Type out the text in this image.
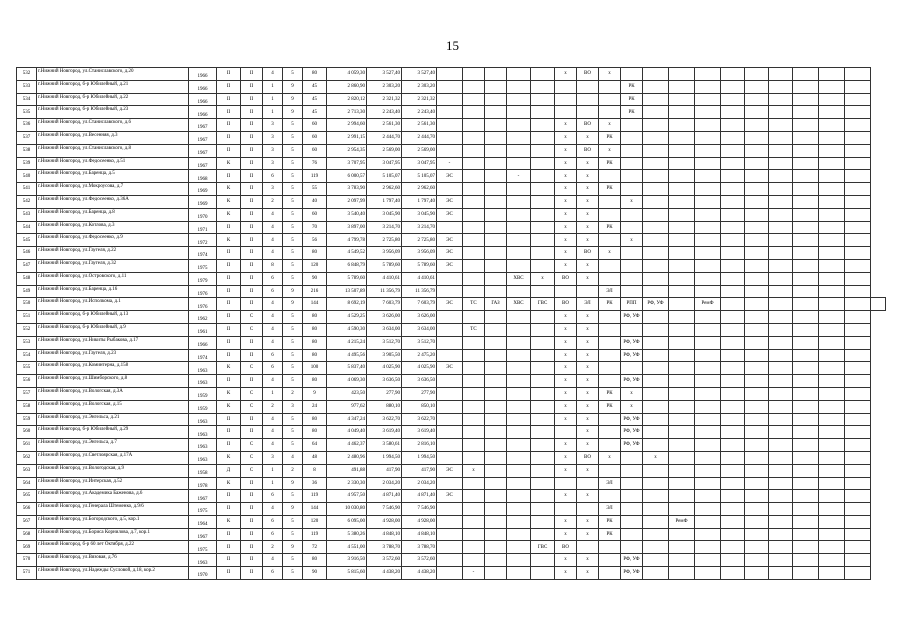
15
532	г.Нижний Новгород, ул.Станиславского, д.20	1966	II	II	4	5	80	4 059,30	3 527,40	3 527,40						х	ВО	х											
533	г.Нижний Новгород, б-р Юбилейный, д.21	1966	II	II	1	9	45	2 860,90	2 303,20	2 303,20									РК										
534	г.Нижний Новгород, б-р Юбилейный, д.22	1966	II	II	1	9	45	2 820,12	2 321,32	2 321,32									РК										
535	г.Нижний Новгород, б-р Юбилейный, д.23	1966	II	II	1	9	45	2 713,30	2 243,40	2 243,40									РК										
536	г.Нижний Новгород, ул.Станиславского, д.6	1967	II	II	3	5	60	2 994,60	2 561,30	2 561,30						х	ВО	х											
537	г.Нижний Новгород, ул.Весенняя, д.3	1967	II	II	3	5	60	2 991,15	2 444,70	2 444,70						х	х	РК											
538	г.Нижний Новгород, ул.Станиславского, д.8	1967	II	II	3	5	60	2 954,35	2 569,00	2 569,00						х	ВО	х											
539	г.Нижний Новгород, ул.Федосеенко, д.51	1967	К	II	3	5	76	3 707,95	3 047,95	3 047,95	-					х	х	РК											
540	г.Нижний Новгород, ул.Баренца, д.5	1968	II	II	6	5	119	6 000,57	5 105,07	5 105,07	ЭС			-		х	х												
541	г.Нижний Новгород, ул.Мокроусова, д.7	1969	К	II	3	5	55	3 783,90	2 962,60	2 962,60						х	х	РК											
542	г.Нижний Новгород, ул.Федосеенко, д.36А	1969	К	II	2	5	40	2 097,99	1 797,40	1 797,40	ЭС					х	х		х										
543	г.Нижний Новгород, ул.Баренца, д.8	1970	К	II	4	5	60	3 540,40	3 045,90	3 045,90	ЭС					х	х												
544	г.Нижний Новгород, ул.Котлова, д.3	1971	II	II	4	5	70	3 897,00	3 214,70	3 214,70						х	х	РК											
545	г.Нижний Новгород, ул.Федосеенко, д.9	1972	К	II	4	5	56	4 799,78	2 725,80	2 725,80	ЭС					х	х		х										
546	г.Нижний Новгород, ул.Гаугеля, д.22	1974	II	II	4	5	80	4 549,52	3 956,09	3 956,09	ЭС					х	ВО	х											
547	г.Нижний Новгород, ул.Гаугеля, д.32	1975	II	II	8	5	120	6 848,79	5 789,60	5 789,60	ЭС					х	х												
548	г.Нижний Новгород, ул.Островского, д.11	1979	II	II	6	5	90	5 789,60	4 410,61	4 410,61				ХВС	х	ВО	х												
549	г.Нижний Новгород, ул.Баренца, д.16	1976	II	II	6	9	216	13 507,89	11 356,79	11 356,79								ЭЛ											
550	г.Нижний Новгород, ул.Исполкома, д.1	1976	II	II	4	9	144	8 692,19	7 603,79	7 603,79	ЭС	ТС	ГАЗ	ХВС	ГВС	ВО	ЭЛ	РК	РПП	РФ, УФ		РемФ							
551	г.Нижний Новгород, б-р Юбилейный, д.13	1962	II	С	4	5	80	4 529,25	3 626,00	3 626,00						х	х		РФ, УФ										
552	г.Нижний Новгород, б-р Юбилейный, д.9	1961	II	С	4	5	80	4 590,30	3 634,00	3 634,00		ТС				х	х												
553	г.Нижний Новгород, ул.Никиты Рыбакова, д.17	1966	II	II	4	5	80	4 215,24	3 512,70	3 512,70						х	х		РФ, УФ										
554	г.Нижний Новгород, ул.Гаугеля, д.23	1974	II	II	6	5	80	4 495,56	3 905,50	2 475,20						х	х		РФ, УФ										
555	г.Нижний Новгород, ул.Коминтерна, д.158	1963	К	С	6	5	100	5 837,40	4 025,90	4 025,90	ЭС					х	х												
556	г.Нижний Новгород, ул.Шимборского, д.8	1963	II	II	4	5	80	4 069,30	3 636,50	3 636,50						х	х		РФ, УФ										
557	г.Нижний Новгород, ул.Вологская, д.3А	1959	К	С	1	2	9	423,50	277,90	277,90						х	х	РК	х										
558	г.Нижний Новгород, ул.Вологская, д.15	1959	К	С	2	3	24	977,62	880,10	850,10						х	х	РК	х										
559	г.Нижний Новгород, ул.Энгельса, д.21	1963	II	II	4	5	80	4 347,24	3 622,70	3 622,70						х	х		РФ, УФ										
560	г.Нижний Новгород, б-р Юбилейный, д.29	1963	II	II	4	5	80	4 049,40	3 619,40	3 619,40							х		РФ, УФ										
561	г.Нижний Новгород, ул.Энгельса, д.7	1963	II	С	4	5	64	4 462,37	3 580,61	2 816,10						х	х		РФ, УФ										
562	г.Нижний Новгород, ул.Светлоярская, д.17А	1963	К	С	3	4	48	2 480,96	1 994,50	1 994,50						х	ВО	х		х									
563	г.Нижний Новгород, ул.Вологодская, д.9	1958	Д	С	1	2	8	491,88	417,90	417,90	ЭС	х				х	х												
564	г.Нижний Новгород, ул.Интерская, д.52	1978	К	II	1	9	36	2 330,30	2 034,20	2 034,20								ЭЛ											
565	г.Нижний Новгород, ул.Академика Баженова, д.6	1967	II	II	6	5	119	4 957,50	4 871,40	4 871,40	ЭС					х	х												
566	г.Нижний Новгород, ул.Генерала Штеменко, д.9/6	1975	II	II	4	9	144	10 030,80	7 546,90	7 546,90								ЭЛ											
567	г.Нижний Новгород, ул.Богородского, д.5, кор.1	1964	К	II	6	5	120	6 095,00	4 928,00	4 928,00						х	х	РК			РемФ								
568	г.Нижний Новгород, ул.Бориса Корнилова, д.7, кор.1	1967	II	II	6	5	119	5 380,26	4 848,10	4 848,10						х	х	РК											
569	г.Нижний Новгород, б-р 60 лет Октября, д.22	1975	II	II	2	9	72	4 551,00	3 788,70	3 788,70					ГВС	ВО													
570	г.Нижний Новгород, ул.Вязовая, д.76	1963	II	II	4	5	80	3 916,50	3 572,60	3 572,60						х	х		РФ, УФ										
571	г.Нижний Новгород, ул.Надежды Сусловой, д.18, кор.2	1970	II	II	6	5	90	5 815,60	4 438,20	4 438,20		-				х	х		РФ, УФ										
